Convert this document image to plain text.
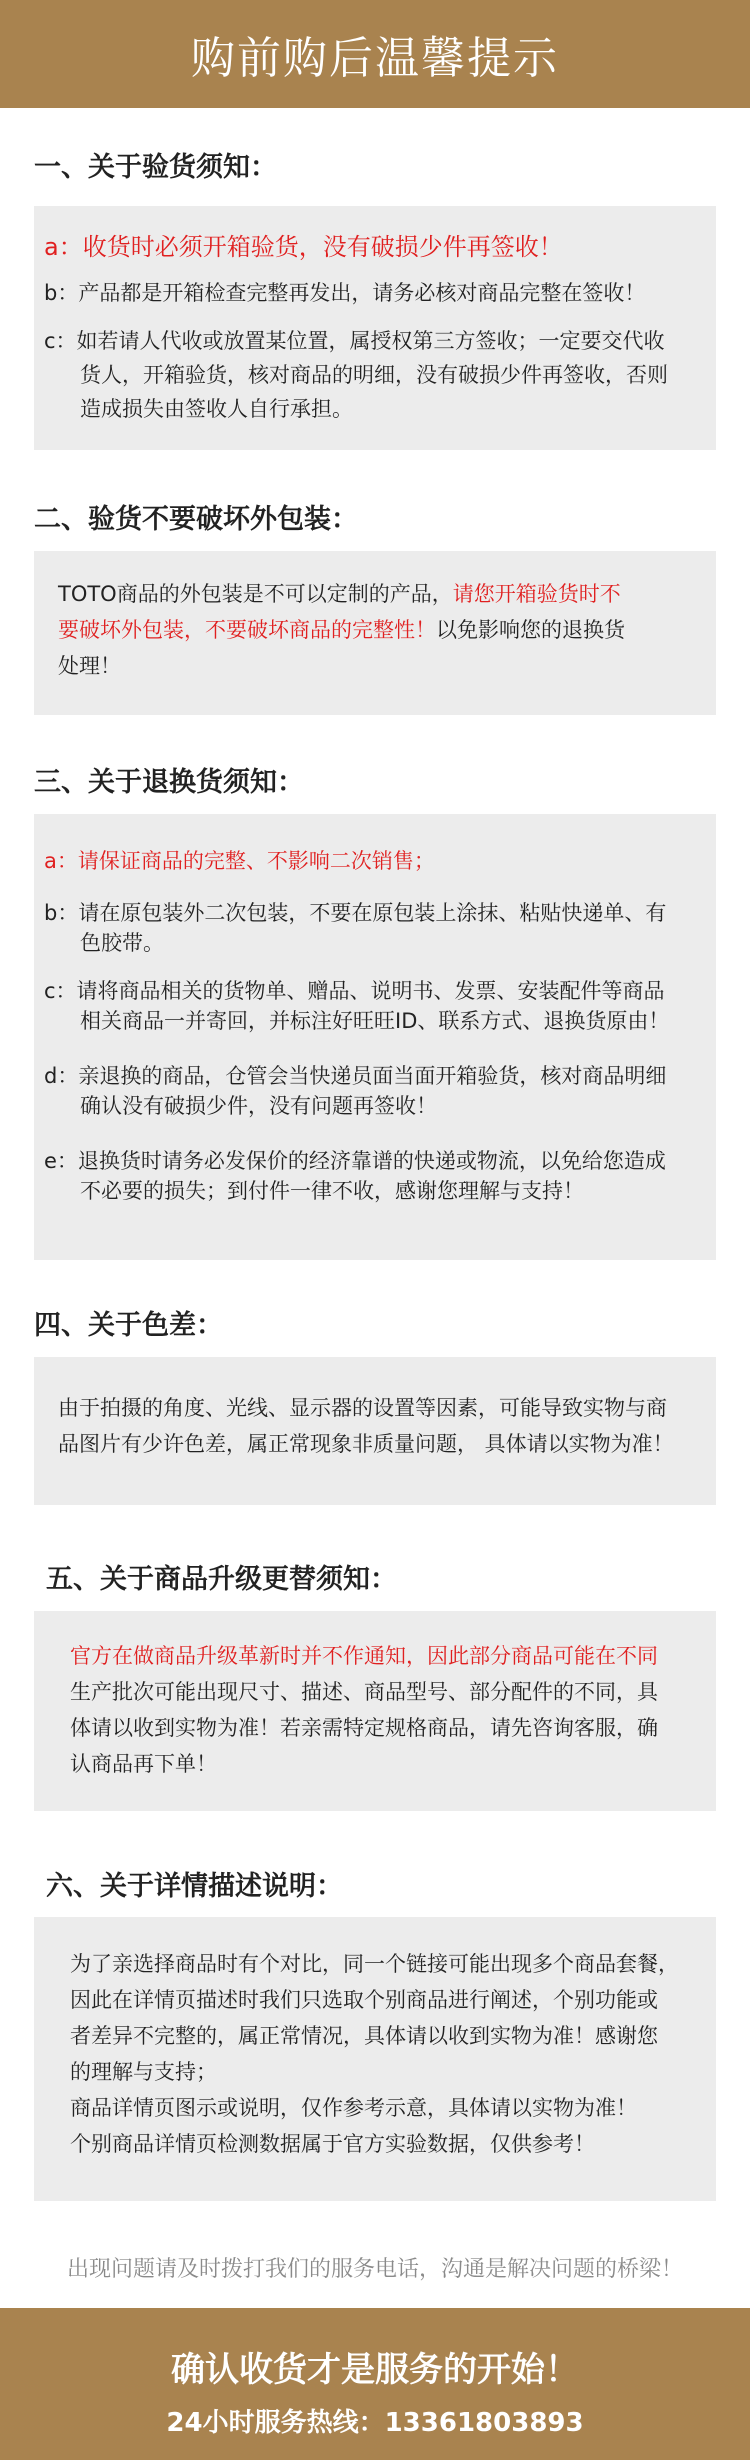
购前购后温馨提示
一、关于验货须知：
a：收货时必须开箱验货，没有破损少件再签收！
b：产品都是开箱检查完整再发出，请务必核对商品完整在签收！
c：如若请人代收或放置某位置，属授权第三方签收；一定要交代收
货人，开箱验货，核对商品的明细，没有破损少件再签收，否则
造成损失由签收人自行承担。
二、验货不要破坏外包装：
TOTO商品的外包装是不可以定制的产品，请您开箱验货时不
要破坏外包装，不要破坏商品的完整性！以免影响您的退换货
处理！
三、关于退换货须知：
a：请保证商品的完整、不影响二次销售；
b：请在原包装外二次包装，不要在原包装上涂抹、粘贴快递单、有
色胶带。
c：请将商品相关的货物单、赠品、说明书、发票、安装配件等商品
相关商品一并寄回，并标注好旺旺ID、联系方式、退换货原由！
d：亲退换的商品，仓管会当快递员面当面开箱验货，核对商品明细
确认没有破损少件，没有问题再签收！
e：退换货时请务必发保价的经济靠谱的快递或物流，以免给您造成
不必要的损失；到付件一律不收，感谢您理解与支持！
四、关于色差：
由于拍摄的角度、光线、显示器的设置等因素，可能导致实物与商
品图片有少许色差，属正常现象非质量问题， 具体请以实物为准！
五、关于商品升级更替须知：
官方在做商品升级革新时并不作通知，因此部分商品可能在不同
生产批次可能出现尺寸、描述、商品型号、部分配件的不同，具
体请以收到实物为准！若亲需特定规格商品，请先咨询客服，确
认商品再下单！
六、关于详情描述说明：
为了亲选择商品时有个对比，同一个链接可能出现多个商品套餐，
因此在详情页描述时我们只选取个别商品进行阐述，个别功能或
者差异不完整的，属正常情况，具体请以收到实物为准！感谢您
的理解与支持；
商品详情页图示或说明，仅作参考示意，具体请以实物为准！
个别商品详情页检测数据属于官方实验数据，仅供参考！
出现问题请及时拨打我们的服务电话，沟通是解决问题的桥梁！
确认收货才是服务的开始！
24小时服务热线：13361803893
